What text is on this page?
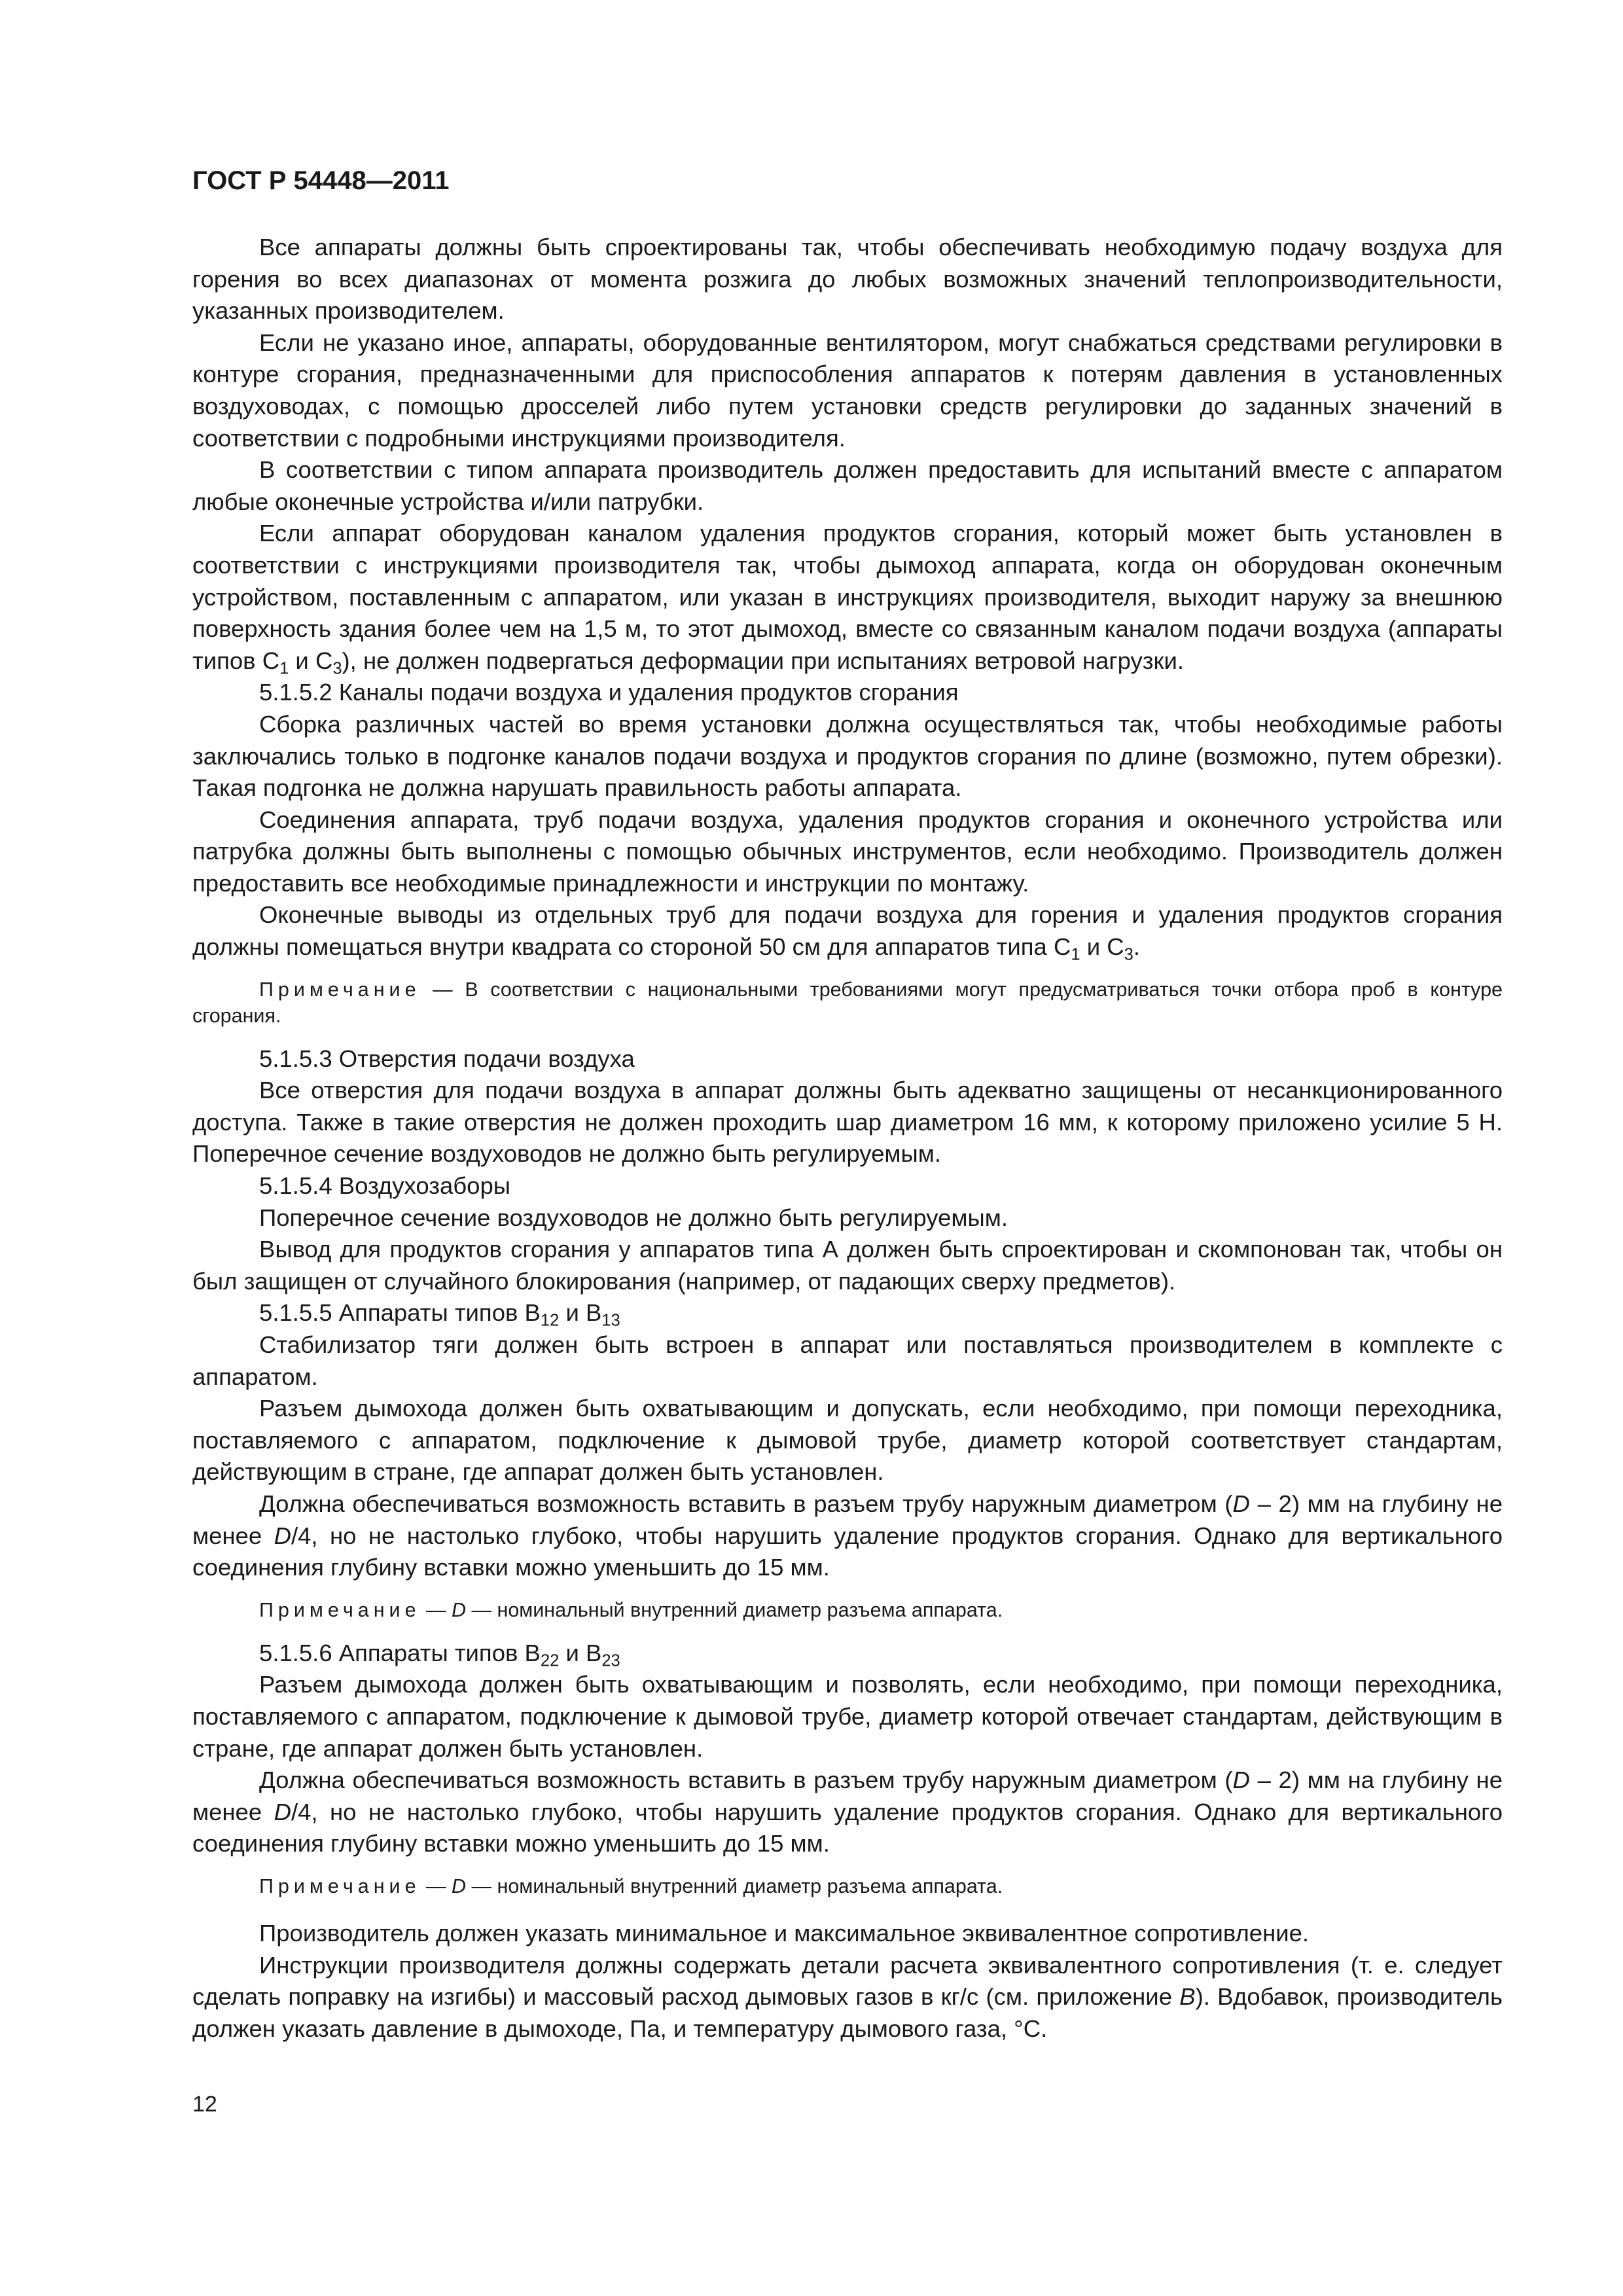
ГОСТ Р 54448—2011

Все аппараты должны быть спроектированы так, чтобы обеспечивать необходимую подачу воздуха для горения во всех диапазонах от момента розжига до любых возможных значений теплопроизводительности, указанных производителем.

Если не указано иное, аппараты, оборудованные вентилятором, могут снабжаться средствами регулировки в контуре сгорания, предназначенными для приспособления аппаратов к потерям давления в установленных воздуховодах, с помощью дросселей либо путем установки средств регулировки до заданных значений в соответствии с подробными инструкциями производителя.

В соответствии с типом аппарата производитель должен предоставить для испытаний вместе с аппаратом любые оконечные устройства и/или патрубки.

Если аппарат оборудован каналом удаления продуктов сгорания, который может быть установлен в соответствии с инструкциями производителя так, чтобы дымоход аппарата, когда он оборудован оконечным устройством, поставленным с аппаратом, или указан в инструкциях производителя, выходит наружу за внешнюю поверхность здания более чем на 1,5 м, то этот дымоход, вместе со связанным каналом подачи воздуха (аппараты типов $С_1$ и $С_3$), не должен подвергаться деформации при испытаниях ветровой нагрузки.

5.1.5.2 Каналы подачи воздуха и удаления продуктов сгорания

Сборка различных частей во время установки должна осуществляться так, чтобы необходимые работы заключались только в подгонке каналов подачи воздуха и продуктов сгорания по длине (возможно, путем обрезки). Такая подгонка не должна нарушать правильность работы аппарата.

Соединения аппарата, труб подачи воздуха, удаления продуктов сгорания и оконечного устройства или патрубка должны быть выполнены с помощью обычных инструментов, если необходимо. Производитель должен предоставить все необходимые принадлежности и инструкции по монтажу.

Оконечные выводы из отдельных труб для подачи воздуха для горения и удаления продуктов сгорания должны помещаться внутри квадрата со стороной 50 см для аппаратов типа $С_1$ и $С_3$.

Примечание — В соответствии с национальными требованиями могут предусматриваться точки отбора проб в контуре сгорания.

5.1.5.3 Отверстия подачи воздуха

Все отверстия для подачи воздуха в аппарат должны быть адекватно защищены от несанкционированного доступа. Также в такие отверстия не должен проходить шар диаметром 16 мм, к которому приложено усилие 5 Н. Поперечное сечение воздуховодов не должно быть регулируемым.

5.1.5.4 Воздухозаборы

Поперечное сечение воздуховодов не должно быть регулируемым.

Вывод для продуктов сгорания у аппаратов типа А должен быть спроектирован и скомпонован так, чтобы он был защищен от случайного блокирования (например, от падающих сверху предметов).

5.1.5.5 Аппараты типов $В_{12}$ и $В_{13}$

Стабилизатор тяги должен быть встроен в аппарат или поставляться производителем в комплекте с аппаратом.

Разъем дымохода должен быть охватывающим и допускать, если необходимо, при помощи переходника, поставляемого с аппаратом, подключение к дымовой трубе, диаметр которой соответствует стандартам, действующим в стране, где аппарат должен быть установлен.

Должна обеспечиваться возможность вставить в разъем трубу наружным диаметром (D – 2) мм на глубину не менее D/4, но не настолько глубоко, чтобы нарушить удаление продуктов сгорания. Однако для вертикального соединения глубину вставки можно уменьшить до 15 мм.

Примечание — D — номинальный внутренний диаметр разъема аппарата.

5.1.5.6 Аппараты типов $В_{22}$ и $В_{23}$

Разъем дымохода должен быть охватывающим и позволять, если необходимо, при помощи переходника, поставляемого с аппаратом, подключение к дымовой трубе, диаметр которой отвечает стандартам, действующим в стране, где аппарат должен быть установлен.

Должна обеспечиваться возможность вставить в разъем трубу наружным диаметром (D – 2) мм на глубину не менее D/4, но не настолько глубоко, чтобы нарушить удаление продуктов сгорания. Однако для вертикального соединения глубину вставки можно уменьшить до 15 мм.

Примечание — D — номинальный внутренний диаметр разъема аппарата.

Производитель должен указать минимальное и максимальное эквивалентное сопротивление.

Инструкции производителя должны содержать детали расчета эквивалентного сопротивления (т. е. следует сделать поправку на изгибы) и массовый расход дымовых газов в кг/с (см. приложение В). Вдобавок, производитель должен указать давление в дымоходе, Па, и температуру дымового газа, °С.

12
